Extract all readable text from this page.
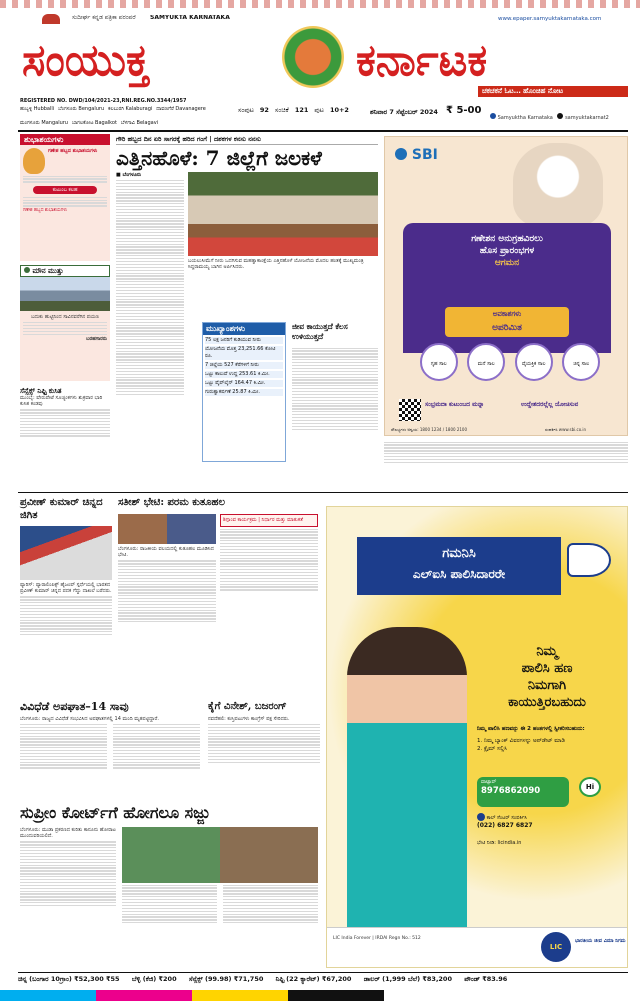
ಸುದೀರ್ಘ ಕನ್ನಡ ಪತ್ರಿಕಾ ಪರಂಪರೆ SAMYUKTA KARNATAKA
ಸಂಯುಕ್ತ	ಕರ್ನಾಟಕ
ಚಕಚಕನೆ ಓಟ… ಹೊಂಚಿಹ ನೋಟ
www.epaper.samyuktakarnataka.com
REGISTERED NO. DWD/104/2021-23,RNI.REG.NO.3344/1957
Samyuktha Karnataka samyuktakarnat2
ಹುಬ್ಬಳ್ಳಿ Hubballi ಬೆಂಗಳೂರು Bengaluru ಕಲಬುರಗಿ Kalaburagi ದಾವಣಗೆರೆ Davanagere
ಮಂಗಳೂರು Mangaluru ಬಾಗಲಕೋಟ Bagalkot ಬೆಳಗಾವಿ Belagavi
ಸಂಪುಟ 92 ಸಂಚಿಕೆ 121 ಪುಟ 10+2	ಶನಿವಾರ 7 ಸೆಪ್ಟೆಂಬರ್ 2024 ₹ 5-00
ಶುಭಾಶಯಗಳು
ಗಣೇಶ ಹಬ್ಬದ ಶುಭಾಶಯಗಳು
ಕುಟುಂಬ ಕಲಹ
ಗಣೇಶ ಹಬ್ಬದ ಶುಭಾಶಯಗಳು
ಮೌನ ಮುತ್ತು
ಬದುಕು ಹುಟ್ಟಿನಿಂದ ಸಾವಿನವರೆಗಿನ ಪಯಣ
ಬರಹಗಾರರು
ಸೆನ್ಸೆಕ್ಸ್ ನಿಫ್ಟಿ ಕುಸಿತ
ಮುಂಬೈ: ಷೇರುಪೇಟೆ ಸೂಚ್ಯಂಕಗಳು ಶುಕ್ರವಾರ ಭಾರಿ ಕುಸಿತ ಕಂಡವು
ಗೌರಿ ಹಬ್ಬದ ದಿನ ಏರಿ ಸಾಗರಕ್ಕೆ ಹರಿದ ಗಂಗೆ | ದಶಕಗಳ ಕನಸು ನನಸು
ಎತ್ತಿನಹೊಳೆ: 7 ಜಿಲ್ಲೆಗೆ ಜಲಕಳೆ
■ ಬೆಂಗಳೂರು
ಬಯಲುಸೀಮೆಗೆ ನೀರು ಒದಗಿಸುವ ಮಹತ್ವಾಕಾಂಕ್ಷೆಯ ಎತ್ತಿನಹೊಳೆ ಯೋಜನೆಯ ಮೊದಲ ಹಂತಕ್ಕೆ ಮುಖ್ಯಮಂತ್ರಿ ಸಿದ್ದರಾಮಯ್ಯ ಬಾಗಿನ ಅರ್ಪಿಸಿದರು.
ಮುಖ್ಯಾಂಶಗಳು
75 ಲಕ್ಷ ಜನರಿಗೆ ಕುಡಿಯುವ ನೀರು
ಯೋಜನೆಯ ಮೊತ್ತ 23,251.66 ಕೋಟಿ ರೂ.
7 ಜಿಲ್ಲೆಯ 527 ಕೆರೆಗಳಿಗೆ ನೀರು
ಒಟ್ಟು ಕಾಲುವೆ ಉದ್ದ 253.61 ಕಿ.ಮೀ.
ಒಟ್ಟು ಪೈಪ್‌ಲೈನ್ 164.47 ಕಿ.ಮೀ.
ಗುರುತ್ವಾಕರ್ಷಣೆ 25.87 ಕಿ.ಮೀ.
ಜೀವ ಕಾಯುತ್ತದೆ ಕೆಲಸ ಉಳಿಯುತ್ತದೆ
SBI
ಗಣೇಶನ ಅನುಗ್ರಹವಿರಲು
ಹೊಸ ಪ್ರಾರಂಭಗಳ
ಆಗಮನ
ಅವಕಾಶಗಳು
ಅಪರಿಮಿತ
ಗೃಹ ಸಾಲ	ಮನೆ ಸಾಲ	ವೈಯಕ್ತಿಕ ಸಾಲ	ಚಿನ್ನ ಸಾಲ
ಸಂಭ್ರಮದಾ ಕುಟುಂಬದ ಮನ್ನಾ	ಉದ್ದೇಶದರಲ್ಲೆಲ್ಲ ಯೋಚಿಸುವ
ಸೌಲಭ್ಯಗಳು ಅನ್ವಯ: 1800 1234 / 1800 2100	ಸಂಪರ್ಕಿಸಿ www.sbi.co.in
ಪ್ರವೀಣ್ ಕುಮಾರ್ ಚಿನ್ನದ ಜಿಗಿತ
ಪ್ಯಾರಿಸ್: ಪ್ಯಾರಾಲಿಂಪಿಕ್ಸ್ ಹೈಜಂಪ್ ಸ್ಪರ್ಧೆಯಲ್ಲಿ ಭಾರತದ ಪ್ರವೀಣ್ ಕುಮಾರ್ ಚಿನ್ನದ ಪದಕ ಗೆದ್ದು ದಾಖಲೆ ಬರೆದರು.
ಸತೀಶ್ ಭೇಟಿ: ಪರಮ ಕುತೂಹಲ
ಬೆಂಗಳೂರು: ರಾಜಕೀಯ ವಲಯದಲ್ಲಿ ಕುತೂಹಲ ಮೂಡಿಸಿದ ಭೇಟಿ.
ಶಿಗ್ಗಾಂವ ಕಾರ್ಯಕ್ರಮ | ನಿರ್ಧಾರ ಮತ್ತು ಮಾತುಕತೆ
ವಿವಿಧೆಡೆ ಅಪಘಾತ–14 ಸಾವು
ಬೆಂಗಳೂರು: ರಾಜ್ಯದ ವಿವಿಧೆಡೆ ಸಂಭವಿಸಿದ ಅಪಘಾತಗಳಲ್ಲಿ 14 ಮಂದಿ ಮೃತಪಟ್ಟಿದ್ದಾರೆ.
ಕೈಗೆ ವಿನೇಶ್, ಬಜರಂಗ್
ನವದೆಹಲಿ: ಕುಸ್ತಿಪಟುಗಳು ಕಾಂಗ್ರೆಸ್ ಪಕ್ಷ ಸೇರಿದರು.
ಸುಪ್ರೀಂ ಕೋರ್ಟ್‌ಗೆ ಹೋಗಲೂ ಸಜ್ಜು
ಬೆಂಗಳೂರು: ಮುಡಾ ಪ್ರಕರಣದ ಕುರಿತು ಕಾನೂನು ಹೋರಾಟ ಮುಂದುವರಿಯಲಿದೆ.
ಗಮನಿಸಿ
ಎಲ್‌ಐಸಿ ಪಾಲಿಸಿದಾರರೇ
ನಿಮ್ಮ
ಪಾಲಿಸಿ ಹಣ
ನಿಮಗಾಗಿ
ಕಾಯುತ್ತಿರಬಹುದು
ನಿಮ್ಮ ಪಾಲಿಸಿ ಹಣವನ್ನು ಈ 2 ಹಂತಗಳಲ್ಲಿ ಸ್ವೀಕರಿಸಬಹುದು:
1. ನಿಮ್ಮ ಬ್ಯಾಂಕ್ ವಿವರಗಳನ್ನು ಅಪ್‌ಡೇಟ್ ಮಾಡಿ
2. ಕ್ಲೈಮ್ ಸಲ್ಲಿಸಿ
ವಾಟ್ಸಾಪ್
8976862090	Hi
ಕಾಲ್ ಸೆಂಟರ್ ಸಂಪರ್ಕಿಸಿ
(022) 6827 6827
ಭೇಟಿ ನೀಡಿ: licindia.in
LIC India Forever | IRDAI Regn No.: 512
LIC
ಭಾರತೀಯ ಜೀವ ವಿಮಾ ನಿಗಮ
ಚಿನ್ನ (ಬಂಗಾರ 10ಗ್ರಾಂ) ₹52,300 ₹55 ಬೆಳ್ಳಿ (ಕೆಜಿ) ₹200 ಸೆನ್ಸೆಕ್ಸ್ (99.98) ₹71,750 ನಿಫ್ಟಿ (22 ಕ್ಯಾರೆಟ್) ₹67,200 ಡಾಲರ್ (1,999 ಬೆಲೆ) ₹83,200 ಪೌಂಡ್ ₹83.96
